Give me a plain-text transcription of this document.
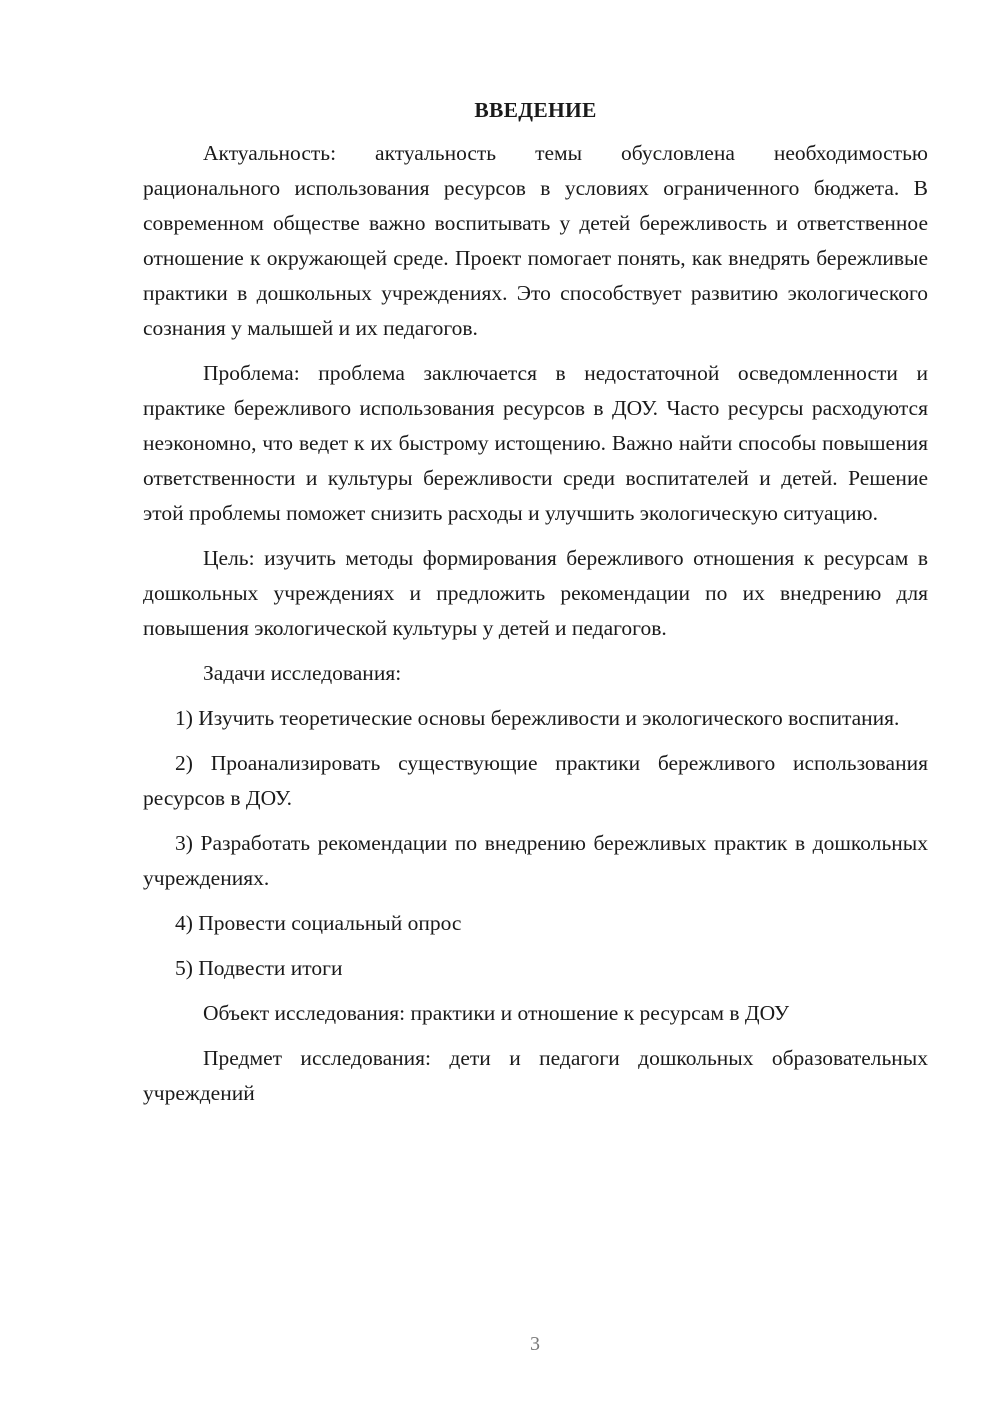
ВВЕДЕНИЕ

Актуальность: актуальность темы обусловлена необходимостью рационального использования ресурсов в условиях ограниченного бюджета. В современном обществе важно воспитывать у детей бережливость и ответственное отношение к окружающей среде. Проект помогает понять, как внедрять бережливые практики в дошкольных учреждениях. Это способствует развитию экологического сознания у малышей и их педагогов.

Проблема: проблема заключается в недостаточной осведомленности и практике бережливого использования ресурсов в ДОУ. Часто ресурсы расходуются неэкономно, что ведет к их быстрому истощению. Важно найти способы повышения ответственности и культуры бережливости среди воспитателей и детей. Решение этой проблемы поможет снизить расходы и улучшить экологическую ситуацию.

Цель: изучить методы формирования бережливого отношения к ресурсам в дошкольных учреждениях и предложить рекомендации по их внедрению для повышения экологической культуры у детей и педагогов.

Задачи исследования:

1) Изучить теоретические основы бережливости и экологического воспитания.

2) Проанализировать существующие практики бережливого использования ресурсов в ДОУ.

3) Разработать рекомендации по внедрению бережливых практик в дошкольных учреждениях.

4) Провести социальный опрос

5) Подвести итоги

Объект исследования: практики и отношение к ресурсам в ДОУ

Предмет исследования: дети и педагоги дошкольных образовательных учреждений

3
